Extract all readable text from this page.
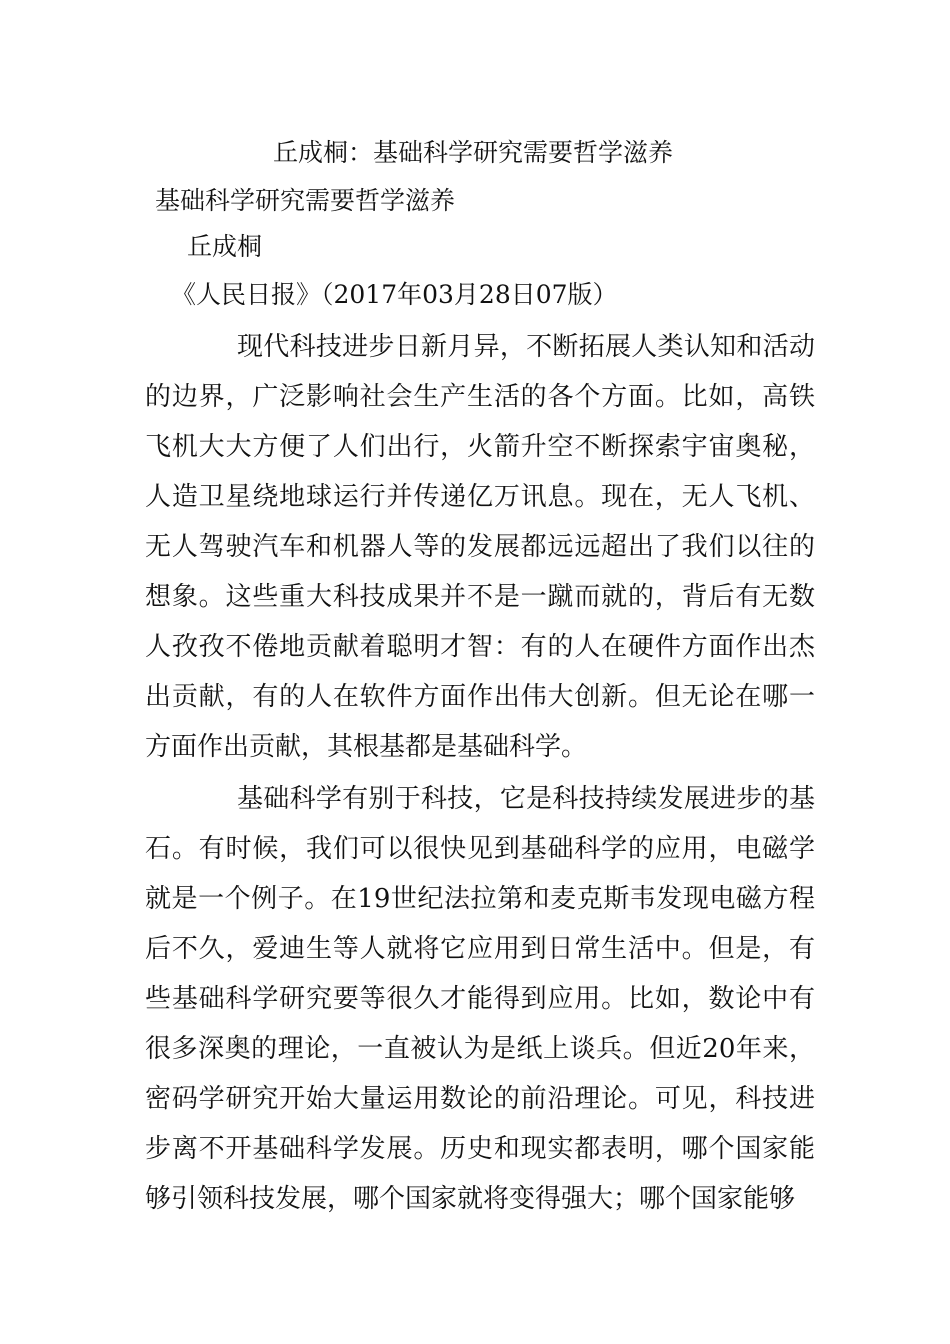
丘成桐：基础科学研究需要哲学滋养

基础科学研究需要哲学滋养

丘成桐

《人民日报》（2017年03月28日07版）

现代科技进步日新月异，不断拓展人类认知和活动的边界，广泛影响社会生产生活的各个方面。比如，高铁飞机大大方便了人们出行，火箭升空不断探索宇宙奥秘，人造卫星绕地球运行并传递亿万讯息。现在，无人飞机、无人驾驶汽车和机器人等的发展都远远超出了我们以往的想象。这些重大科技成果并不是一蹴而就的，背后有无数人孜孜不倦地贡献着聪明才智：有的人在硬件方面作出杰出贡献，有的人在软件方面作出伟大创新。但无论在哪一方面作出贡献，其根基都是基础科学。

基础科学有别于科技，它是科技持续发展进步的基石。有时候，我们可以很快见到基础科学的应用，电磁学就是一个例子。在19世纪法拉第和麦克斯韦发现电磁方程后不久，爱迪生等人就将它应用到日常生活中。但是，有些基础科学研究要等很久才能得到应用。比如，数论中有很多深奥的理论，一直被认为是纸上谈兵。但近20年来，密码学研究开始大量运用数论的前沿理论。可见，科技进步离不开基础科学发展。历史和现实都表明，哪个国家能够引领科技发展，哪个国家就将变得强大；哪个国家能够
